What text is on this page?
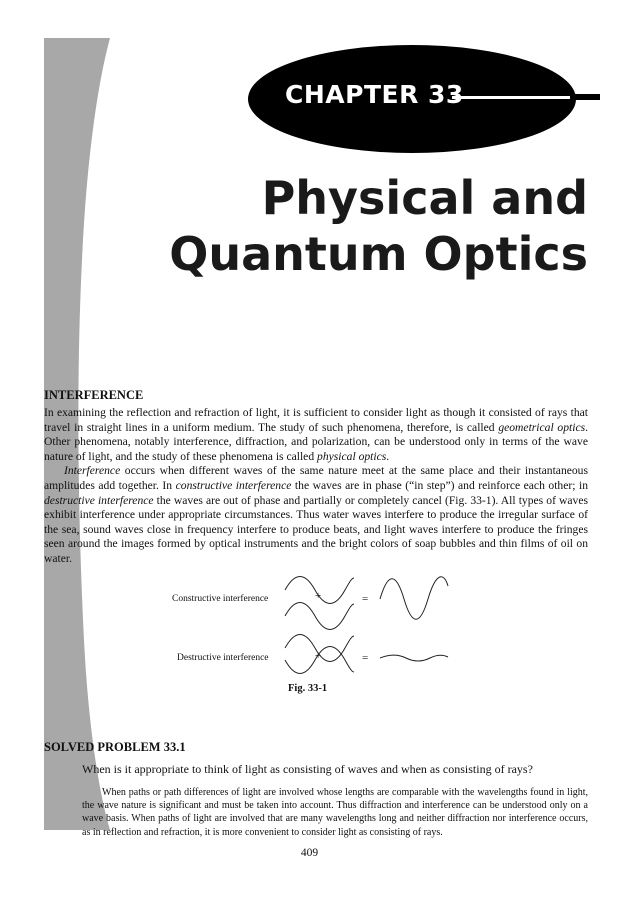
CHAPTER 33
Physical and
Quantum Optics
INTERFERENCE

In examining the reflection and refraction of light, it is sufficient to consider light as though it consisted of rays that travel in straight lines in a uniform medium. The study of such phenomena, therefore, is called geometrical optics. Other phenomena, notably interference, diffraction, and polarization, can be understood only in terms of the wave nature of light, and the study of these phenomena is called physical optics.

Interference occurs when different waves of the same nature meet at the same place and their instantaneous amplitudes add together. In constructive interference the waves are in phase (“in step”) and reinforce each other; in destructive interference the waves are out of phase and partially or completely cancel (Fig. 33-1). All types of waves exhibit interference under appropriate circumstances. Thus water waves interfere to produce the irregular surface of the sea, sound waves close in frequency interfere to produce beats, and light waves interfere to produce the fringes seen around the images formed by optical instruments and the bright colors of soap bubbles and thin films of oil on water.

Constructive interference	+	=
Destructive interference	+	=
Fig. 33-1
SOLVED PROBLEM 33.1
When is it appropriate to think of light as consisting of waves and when as consisting of rays?

When paths or path differences of light are involved whose lengths are comparable with the wavelengths found in light, the wave nature is significant and must be taken into account. Thus diffraction and interference can be understood only on a wave basis. When paths of light are involved that are many wavelengths long and neither diffraction nor interference occurs, as in reflection and refraction, it is more convenient to consider light as consisting of rays.

409
